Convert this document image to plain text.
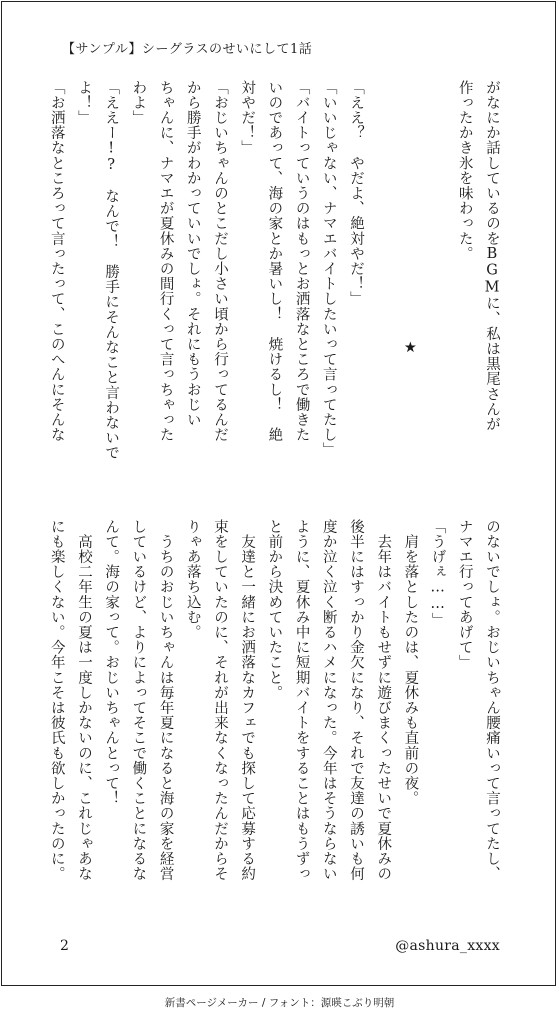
【サンプル】シーグラスのせいにして1話

がなにか話しているのをBGMに、私は黒尾さんが

作ったかき氷を味わった。

★

「ええ？　やだよ、絶対やだ！」

「いいじゃない、ナマエバイトしたいって言ってたし」

「バイトっていうのはもっとお洒落なところで働きた

いのであって、海の家とか暑いし！　焼けるし！　絶

対やだ！」

「おじいちゃんのとこだし小さい頃から行ってるんだ

から勝手がわかっていいでしょ。それにもうおじい

ちゃんに、ナマエが夏休みの間行くって言っちゃった

わよ」

「ええー!?　なんで！　勝手にそんなこと言わないで

よ！」

「お洒落なところって言ったって、このへんにそんな

のないでしょ。おじいちゃん腰痛いって言ってたし、

ナマエ行ってあげて」

「うげぇ……」

　肩を落としたのは、夏休みも直前の夜。

　去年はバイトもせずに遊びまくったせいで夏休みの

後半にはすっかり金欠になり、それで友達の誘いも何

度か泣く泣く断るハメになった。今年はそうならない

ように、夏休み中に短期バイトをすることはもうずっ

と前から決めていたこと。

　友達と一緒にお洒落なカフェでも探して応募する約

束をしていたのに、それが出来なくなったんだからそ

りゃあ落ち込む。

　うちのおじいちゃんは毎年夏になると海の家を経営

しているけど、よりによってそこで働くことになるな

んて。海の家って。おじいちゃんとって！

　高校二年生の夏は一度しかないのに、これじゃあな

にも楽しくない。今年こそは彼氏も欲しかったのに。

2	@ashura_xxxx
新書ページメーカー / フォント：源暎こぶり明朝
